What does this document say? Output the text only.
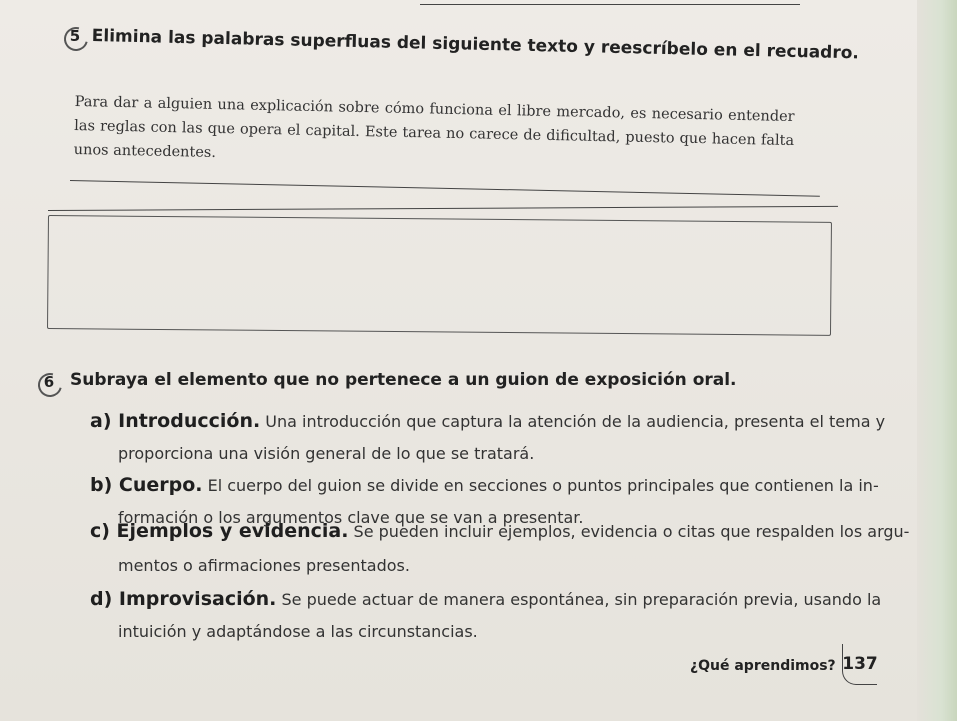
5 Elimina las palabras superfluas del siguiente texto y reescríbelo en el recuadro.
Para dar a alguien una explicación sobre cómo funciona el libre mercado, es necesario entender las reglas con las que opera el capital. Este tarea no carece de dificultad, puesto que hacen falta unos antecedentes.
6 Subraya el elemento que no pertenece a un guion de exposición oral.
a) Introducción. Una introducción que captura la atención de la audiencia, presenta el tema y
proporciona una visión general de lo que se tratará.
b) Cuerpo. El cuerpo del guion se divide en secciones o puntos principales que contienen la in-
formación o los argumentos clave que se van a presentar.
c) Ejemplos y evidencia. Se pueden incluir ejemplos, evidencia o citas que respalden los argu-
mentos o afirmaciones presentados.
d) Improvisación. Se puede actuar de manera espontánea, sin preparación previa, usando la
intuición y adaptándose a las circunstancias.
¿Qué aprendimos? 137
